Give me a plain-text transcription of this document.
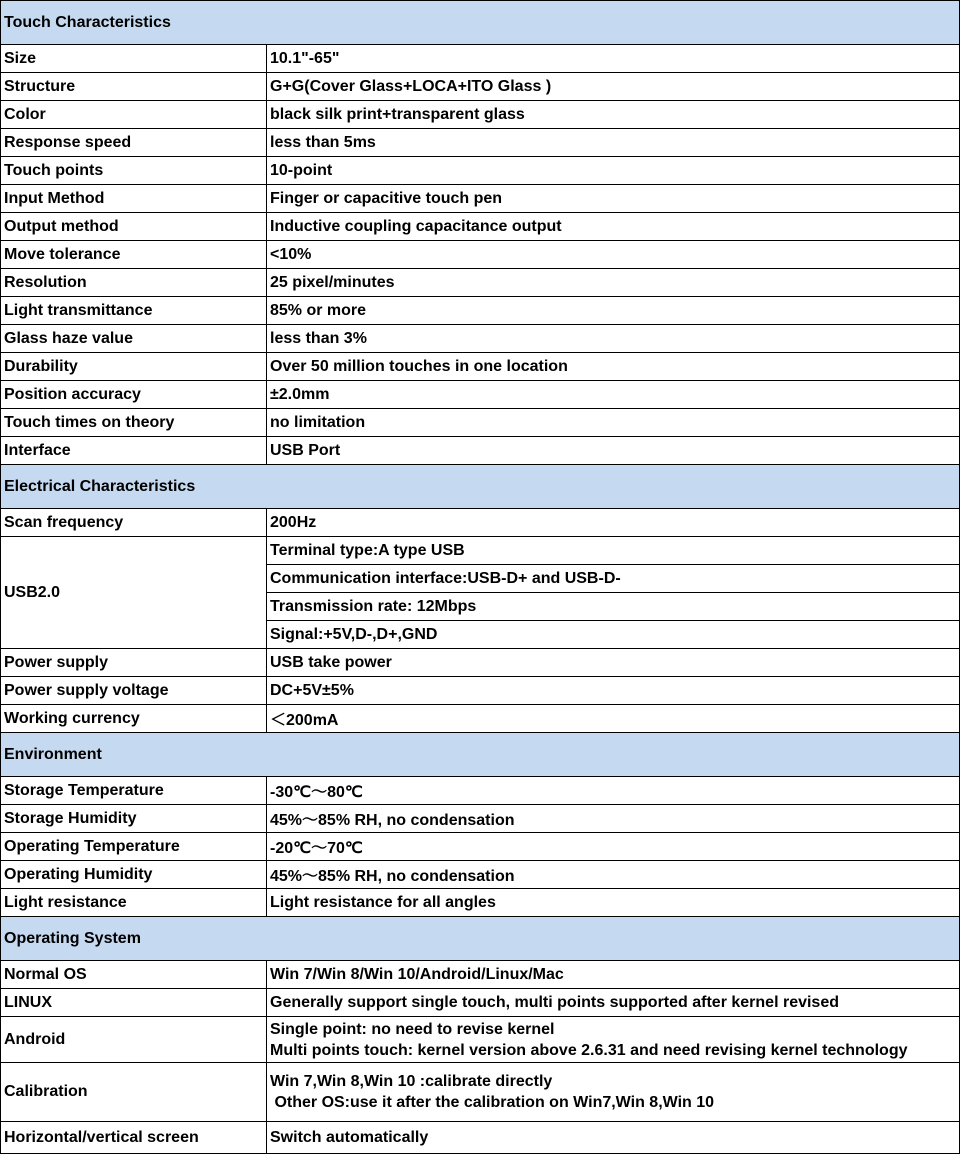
Touch Characteristics	
Size	10.1"-65"
Structure	G+G(Cover Glass+LOCA+ITO Glass )
Color	black silk print+transparent glass
Response speed	less than 5ms
Touch points	10-point
Input Method	Finger or capacitive touch pen
Output method	Inductive coupling capacitance output
Move tolerance	<10%
Resolution	25 pixel/minutes
Light transmittance	85% or more
Glass haze value	less than 3%
Durability	Over 50 million touches in one location
Position accuracy	±2.0mm
Touch times on theory	no limitation
Interface	USB Port
Electrical Characteristics	
Scan frequency	200Hz
USB2.0	Terminal type:A type USB
	Communication interface:USB-D+ and USB-D-
	Transmission rate: 12Mbps
	Signal:+5V,D-,D+,GND
Power supply	USB take power
Power supply voltage	DC+5V±5%
Working currency	＜200mA
Environment	
Storage Temperature	-30℃～80℃
Storage Humidity	45%～85% RH, no condensation
Operating Temperature	-20℃～70℃
Operating Humidity	45%～85% RH, no condensation
Light resistance	Light resistance for all angles
Operating System	
Normal OS	Win 7/Win 8/Win 10/Android/Linux/Mac
LINUX	Generally support single touch, multi points supported after kernel revised
Android	Single point: no need to revise kernel
Multi points touch: kernel version above 2.6.31 and need revising kernel technology

Calibration	Win 7,Win 8,Win 10 :calibrate directly
Other OS:use it after the calibration on Win7,Win 8,Win 10

Horizontal/vertical screen	Switch automatically
